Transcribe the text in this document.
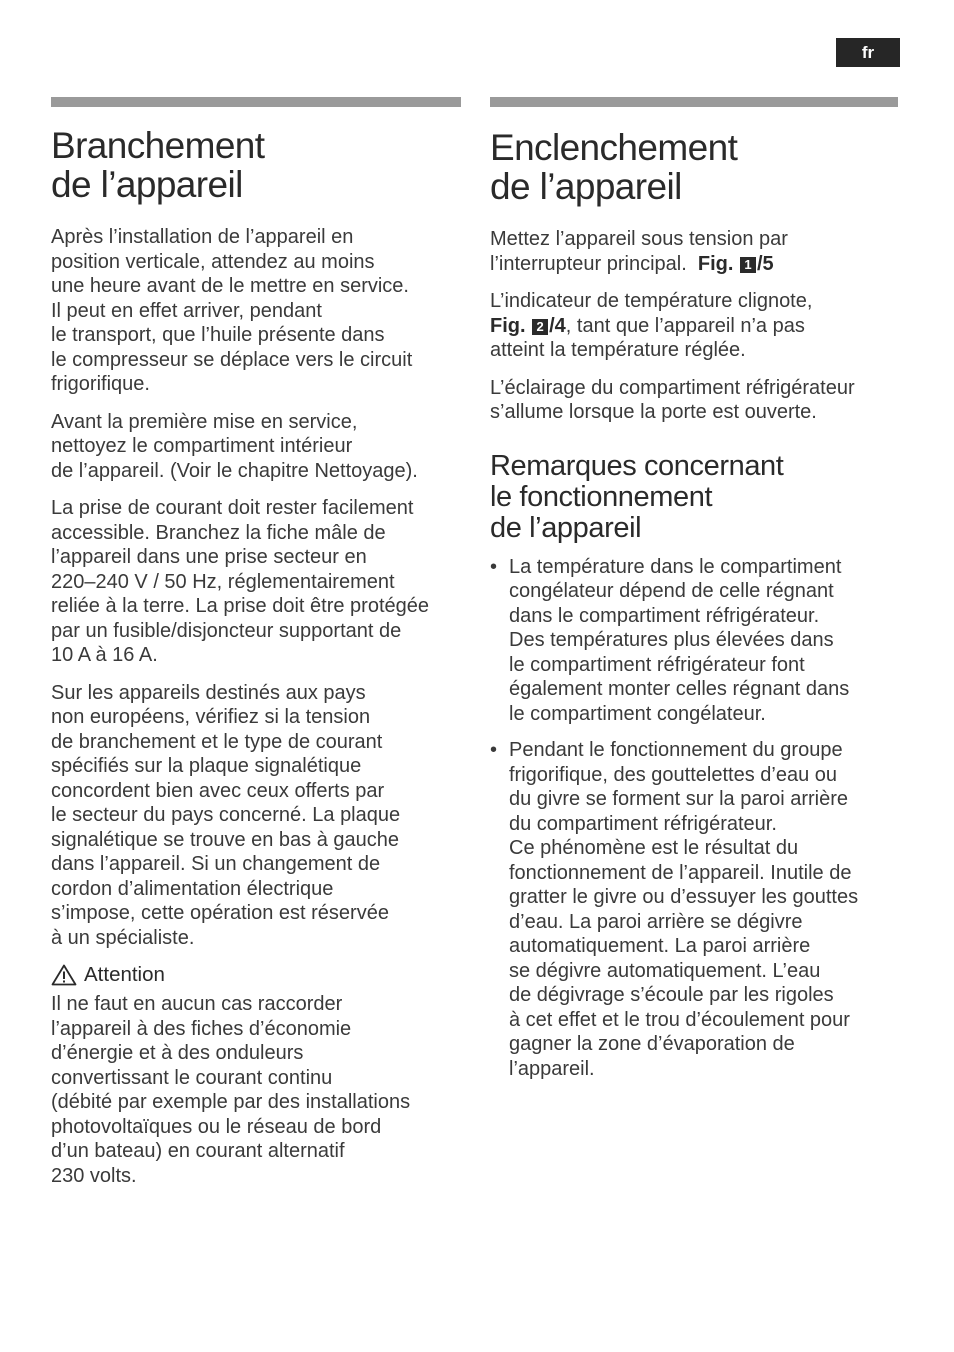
fr
Branchement
de l’appareil

Après l’installation de l’appareil en
position verticale, attendez au moins
une heure avant de le mettre en service.
Il peut en effet arriver, pendant
le transport, que l’huile présente dans
le compresseur se déplace vers le circuit
frigorifique.

Avant la première mise en service,
nettoyez le compartiment intérieur
de l’appareil. (Voir le chapitre Nettoyage).

La prise de courant doit rester facilement
accessible. Branchez la fiche mâle de
l’appareil dans une prise secteur en
220–240 V / 50 Hz, réglementairement
reliée à la terre. La prise doit être protégée
par un fusible/disjoncteur supportant de
10 A à 16 A.

Sur les appareils destinés aux pays
non européens, vérifiez si la tension
de branchement et le type de courant
spécifiés sur la plaque signalétique
concordent bien avec ceux offerts par
le secteur du pays concerné. La plaque
signalétique se trouve en bas à gauche
dans l’appareil. Si un changement de
cordon d’alimentation électrique
s’impose, cette opération est réservée
à un spécialiste.

Attention
Il ne faut en aucun cas raccorder
l’appareil à des fiches d’économie
d’énergie et à des onduleurs
convertissant le courant continu
(débité par exemple par des installations
photovoltaïques ou le réseau de bord
d’un bateau) en courant alternatif
230 volts.
Enclenchement
de l’appareil

Mettez l’appareil sous tension par
l’interrupteur principal. Fig. 1 /5

L’indicateur de température clignote,
Fig. 2 /4, tant que l’appareil n’a pas
atteint la température réglée.

L’éclairage du compartiment réfrigérateur
s’allume lorsque la porte est ouverte.

Remarques concernant
le fonctionnement
de l’appareil
• La température dans le compartiment
congélateur dépend de celle régnant
dans le compartiment réfrigérateur.
Des températures plus élevées dans
le compartiment réfrigérateur font
également monter celles régnant dans
le compartiment congélateur.
• Pendant le fonctionnement du groupe
frigorifique, des gouttelettes d’eau ou
du givre se forment sur la paroi arrière
du compartiment réfrigérateur.
Ce phénomène est le résultat du
fonctionnement de l’appareil. Inutile de
gratter le givre ou d’essuyer les gouttes
d’eau. La paroi arrière se dégivre
automatiquement. La paroi arrière
se dégivre automatiquement. L’eau
de dégivrage s’écoule par les rigoles
à cet effet et le trou d’écoulement pour
gagner la zone d’évaporation de
l’appareil.
